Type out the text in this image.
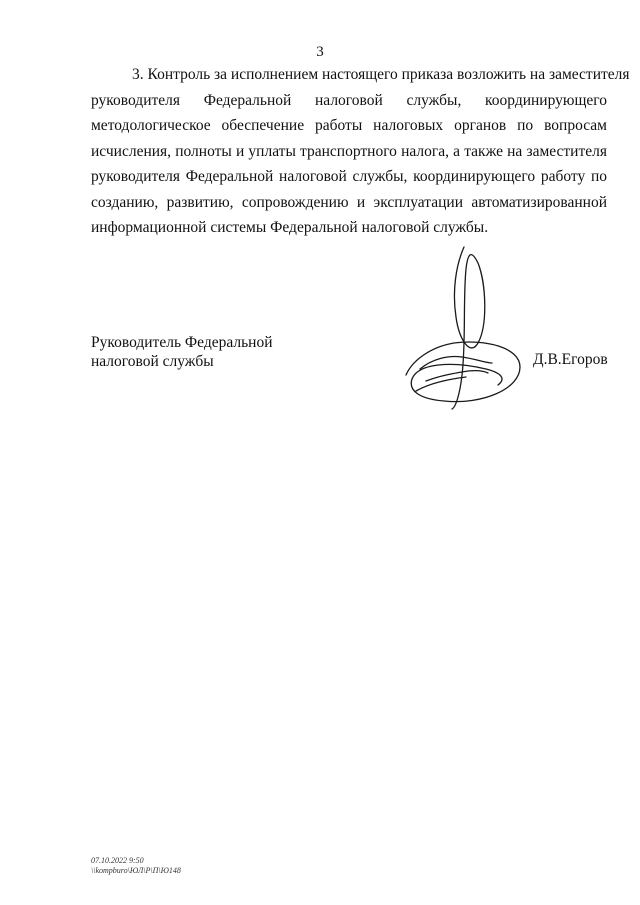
3
3. Контроль за исполнением настоящего приказа возложить на заместителя
руководителя Федеральной налоговой службы, координирующего
методологическое обеспечение работы налоговых органов по вопросам
исчисления, полноты и уплаты транспортного налога, а также на заместителя
руководителя Федеральной налоговой службы, координирующего работу по
созданию, развитию, сопровождению и эксплуатации автоматизированной
информационной системы Федеральной налоговой службы.
Руководитель Федеральной
налоговой службы	Д.В.Егоров
07.10.2022 9:50
\\kompburo\ЮЛ\Р\П\Ю148
